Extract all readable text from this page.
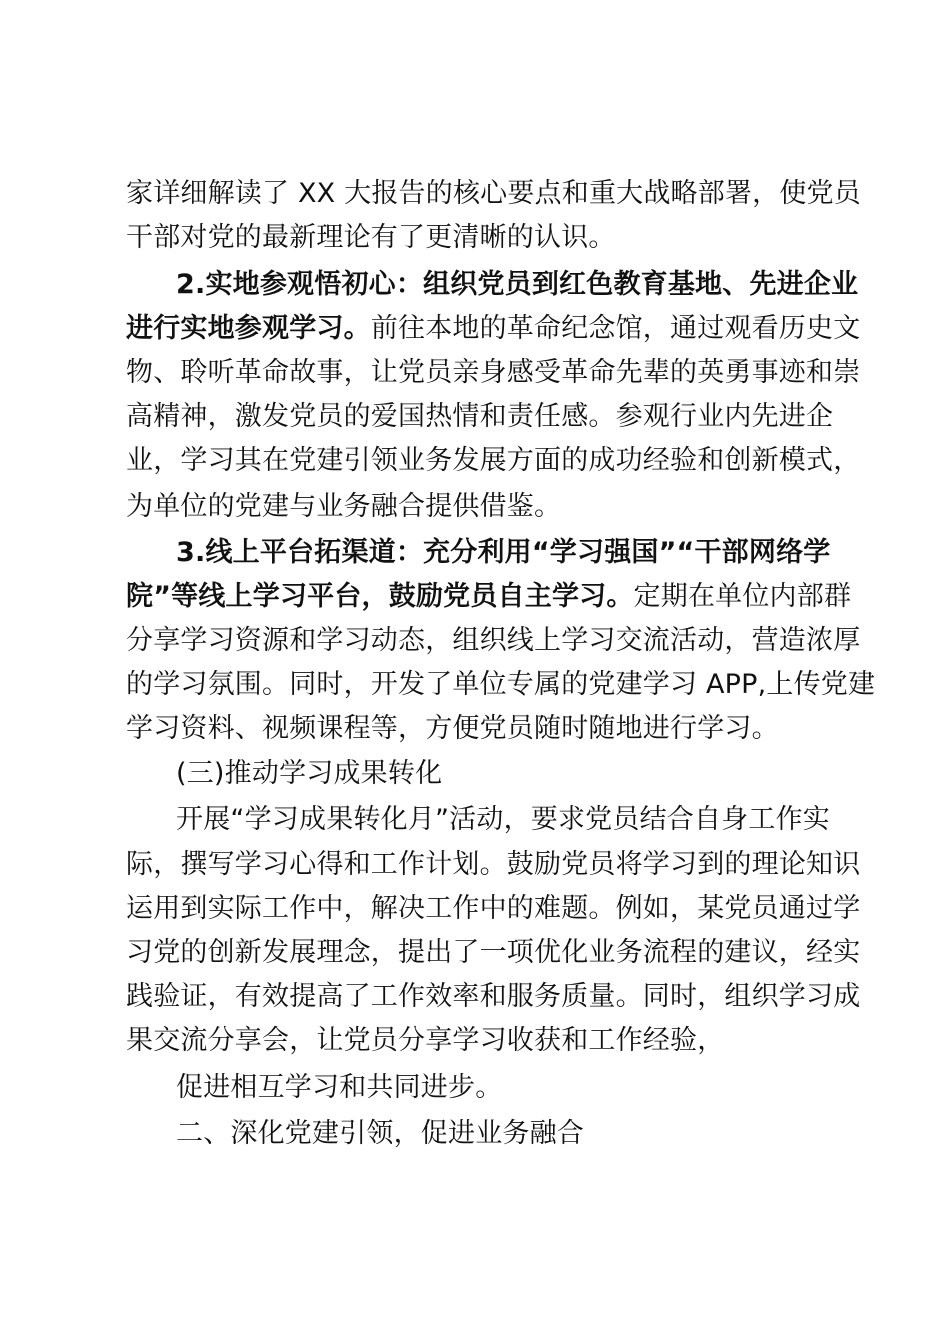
家详细解读了 XX 大报告的核心要点和重大战略部署，使党员
干部对党的最新理论有了更清晰的认识。
2.实地参观悟初心：组织党员到红色教育基地、先进企业
进行实地参观学习。前往本地的革命纪念馆，通过观看历史文
物、聆听革命故事，让党员亲身感受革命先辈的英勇事迹和崇
高精神，激发党员的爱国热情和责任感。参观行业内先进企
业，学习其在党建引领业务发展方面的成功经验和创新模式，
为单位的党建与业务融合提供借鉴。
3.线上平台拓渠道：充分利用“学习强国”“干部网络学
院”等线上学习平台，鼓励党员自主学习。定期在单位内部群
分享学习资源和学习动态，组织线上学习交流活动，营造浓厚
的学习氛围。同时，开发了单位专属的党建学习 APP,上传党建
学习资料、视频课程等，方便党员随时随地进行学习。
(三)推动学习成果转化
开展“学习成果转化月”活动，要求党员结合自身工作实
际，撰写学习心得和工作计划。鼓励党员将学习到的理论知识
运用到实际工作中，解决工作中的难题。例如，某党员通过学
习党的创新发展理念，提出了一项优化业务流程的建议，经实
践验证，有效提高了工作效率和服务质量。同时，组织学习成
果交流分享会，让党员分享学习收获和工作经验，
促进相互学习和共同进步。
二、深化党建引领，促进业务融合
